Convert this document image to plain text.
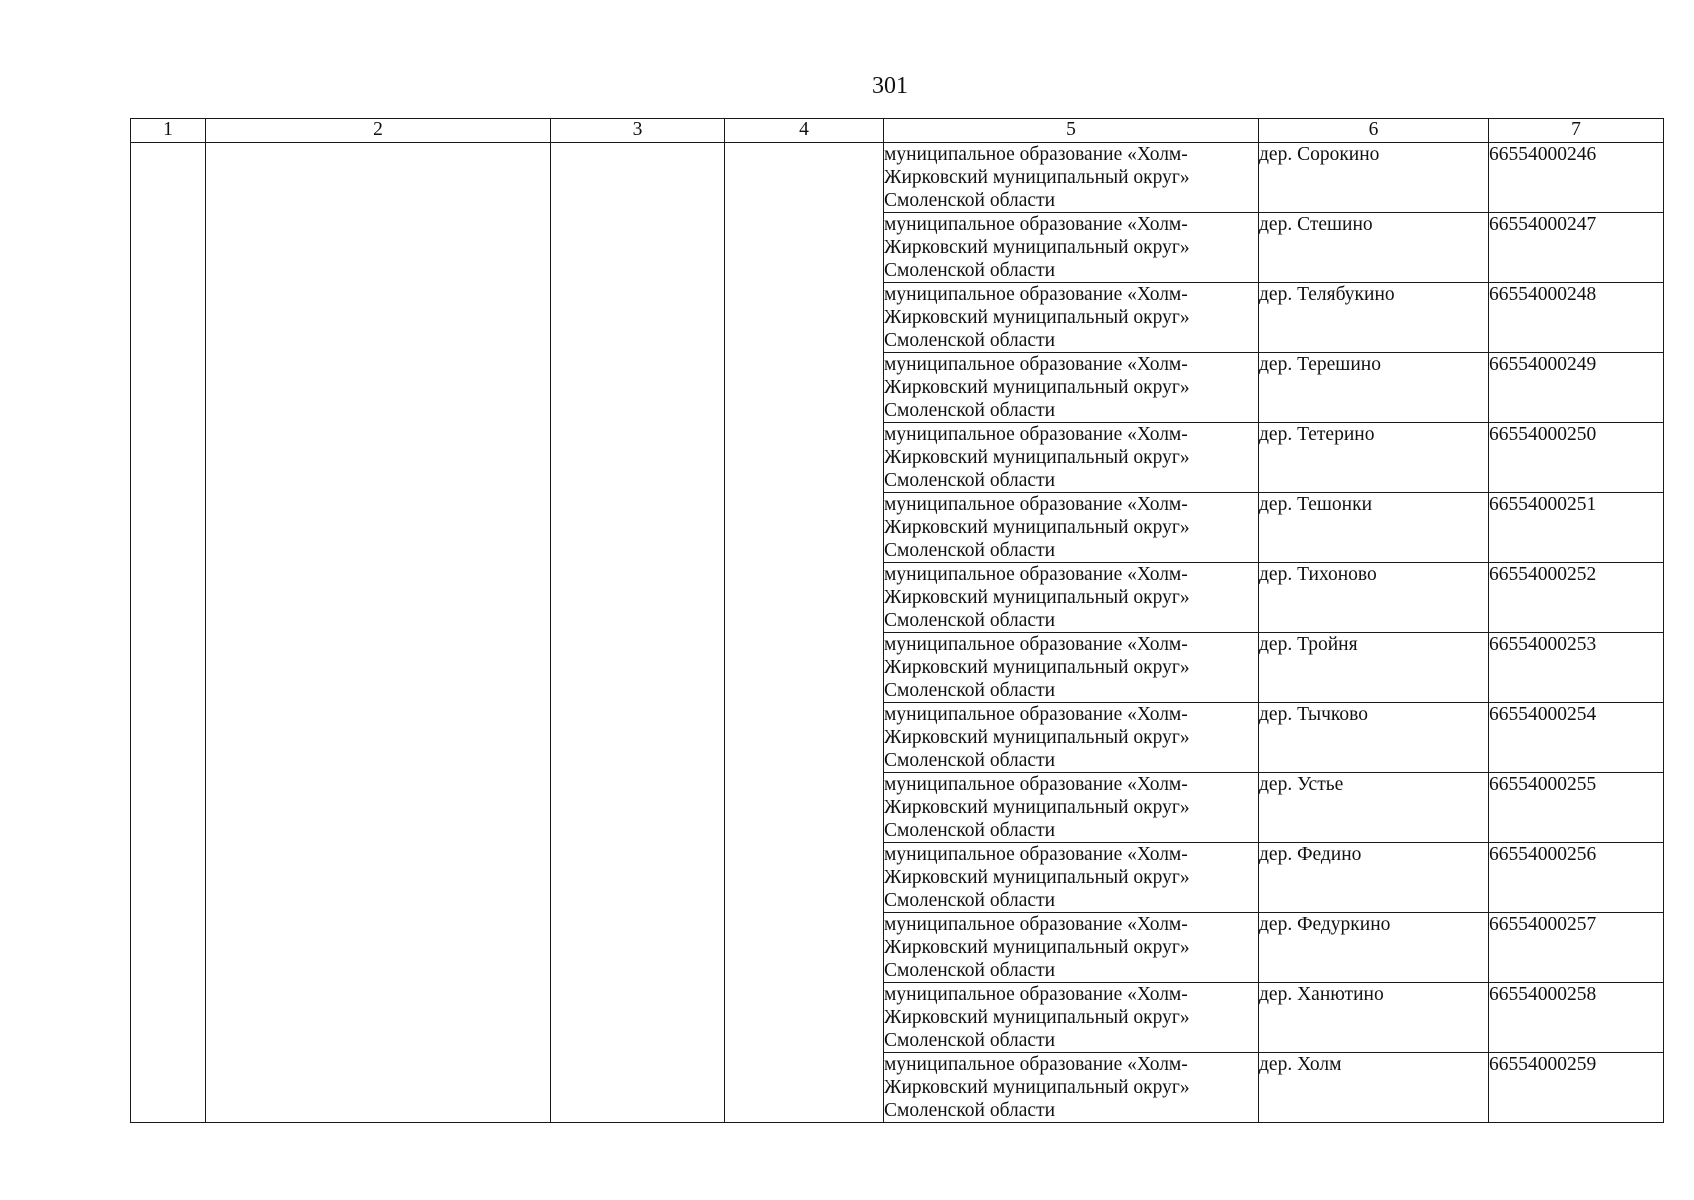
301
1	2	3	4	5	6	7
				муниципальное образование «Холм-Жирковский муниципальный округ» Смоленской области	дер. Сорокино	66554000246
				муниципальное образование «Холм-Жирковский муниципальный округ» Смоленской области	дер. Стешино	66554000247
				муниципальное образование «Холм-Жирковский муниципальный округ» Смоленской области	дер. Телябукино	66554000248
				муниципальное образование «Холм-Жирковский муниципальный округ» Смоленской области	дер. Терешино	66554000249
				муниципальное образование «Холм-Жирковский муниципальный округ» Смоленской области	дер. Тетерино	66554000250
				муниципальное образование «Холм-Жирковский муниципальный округ» Смоленской области	дер. Тешонки	66554000251
				муниципальное образование «Холм-Жирковский муниципальный округ» Смоленской области	дер. Тихоново	66554000252
				муниципальное образование «Холм-Жирковский муниципальный округ» Смоленской области	дер. Тройня	66554000253
				муниципальное образование «Холм-Жирковский муниципальный округ» Смоленской области	дер. Тычково	66554000254
				муниципальное образование «Холм-Жирковский муниципальный округ» Смоленской области	дер. Устье	66554000255
				муниципальное образование «Холм-Жирковский муниципальный округ» Смоленской области	дер. Федино	66554000256
				муниципальное образование «Холм-Жирковский муниципальный округ» Смоленской области	дер. Федуркино	66554000257
				муниципальное образование «Холм-Жирковский муниципальный округ» Смоленской области	дер. Ханютино	66554000258
				муниципальное образование «Холм-Жирковский муниципальный округ» Смоленской области	дер. Холм	66554000259
